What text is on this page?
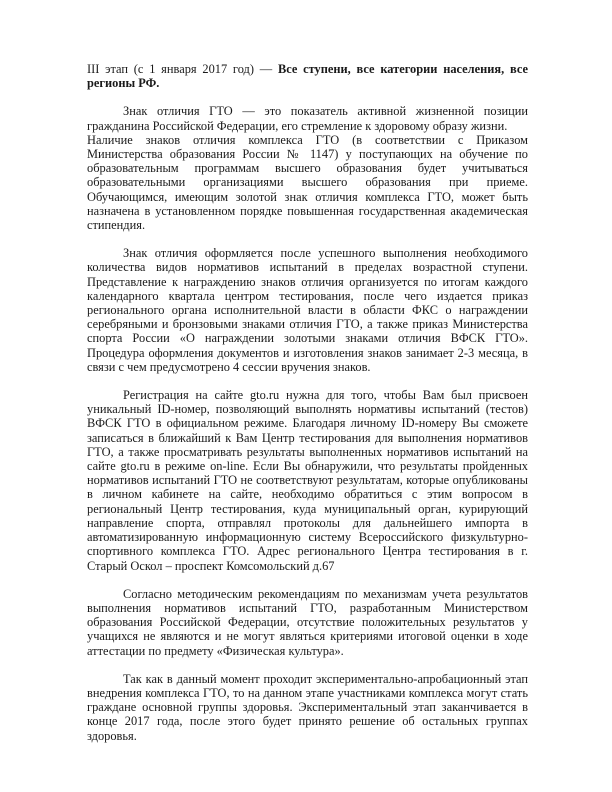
III этап (с 1 января 2017 год) — Все ступени, все категории населения, все регионы РФ.

Знак отличия ГТО — это показатель активной жизненной позиции гражданина Российской Федерации, его стремление к здоровому образу жизни.

Наличие знаков отличия комплекса ГТО (в соответствии с Приказом Министерства образования России № 1147) у поступающих на обучение по образовательным программам высшего образования будет учитываться образовательными организациями высшего образования при приеме. Обучающимся, имеющим золотой знак отличия комплекса ГТО, может быть назначена в установленном порядке повышенная государственная академическая стипендия.

Знак отличия оформляется после успешного выполнения необходимого количества видов нормативов испытаний в пределах возрастной ступени. Представление к награждению знаков отличия организуется по итогам каждого календарного квартала центром тестирования, после чего издается приказ регионального органа исполнительной власти в области ФКС о награждении серебряными и бронзовыми знаками отличия ГТО, а также приказ Министерства спорта России «О награждении золотыми знаками отличия ВФСК ГТО». Процедура оформления документов и изготовления знаков занимает 2-3 месяца, в связи с чем предусмотрено 4 сессии вручения знаков.

Регистрация на сайте gto.ru нужна для того, чтобы Вам был присвоен уникальный ID-номер, позволяющий выполнять нормативы испытаний (тестов) ВФСК ГТО в официальном режиме. Благодаря личному ID-номеру Вы сможете записаться в ближайший к Вам Центр тестирования для выполнения нормативов ГТО, а также просматривать результаты выполненных нормативов испытаний на сайте gto.ru в режиме on-line. Если Вы обнаружили, что результаты пройденных нормативов испытаний ГТО не соответствуют результатам, которые опубликованы в личном кабинете на сайте, необходимо обратиться с этим вопросом в региональный Центр тестирования, куда муниципальный орган, курирующий направление спорта, отправлял протоколы для дальнейшего импорта в автоматизированную информационную систему Всероссийского физкультурно-спортивного комплекса ГТО. Адрес регионального Центра тестирования в г. Старый Оскол – проспект Комсомольский д.67

Согласно методическим рекомендациям по механизмам учета результатов выполнения нормативов испытаний ГТО, разработанным Министерством образования Российской Федерации, отсутствие положительных результатов у учащихся не являются и не могут являться критериями итоговой оценки в ходе аттестации по предмету «Физическая культура».

Так как в данный момент проходит экспериментально-апробационный этап внедрения комплекса ГТО, то на данном этапе участниками комплекса могут стать граждане основной группы здоровья. Экспериментальный этап заканчивается в конце 2017 года, после этого будет принято решение об остальных группах здоровья.
